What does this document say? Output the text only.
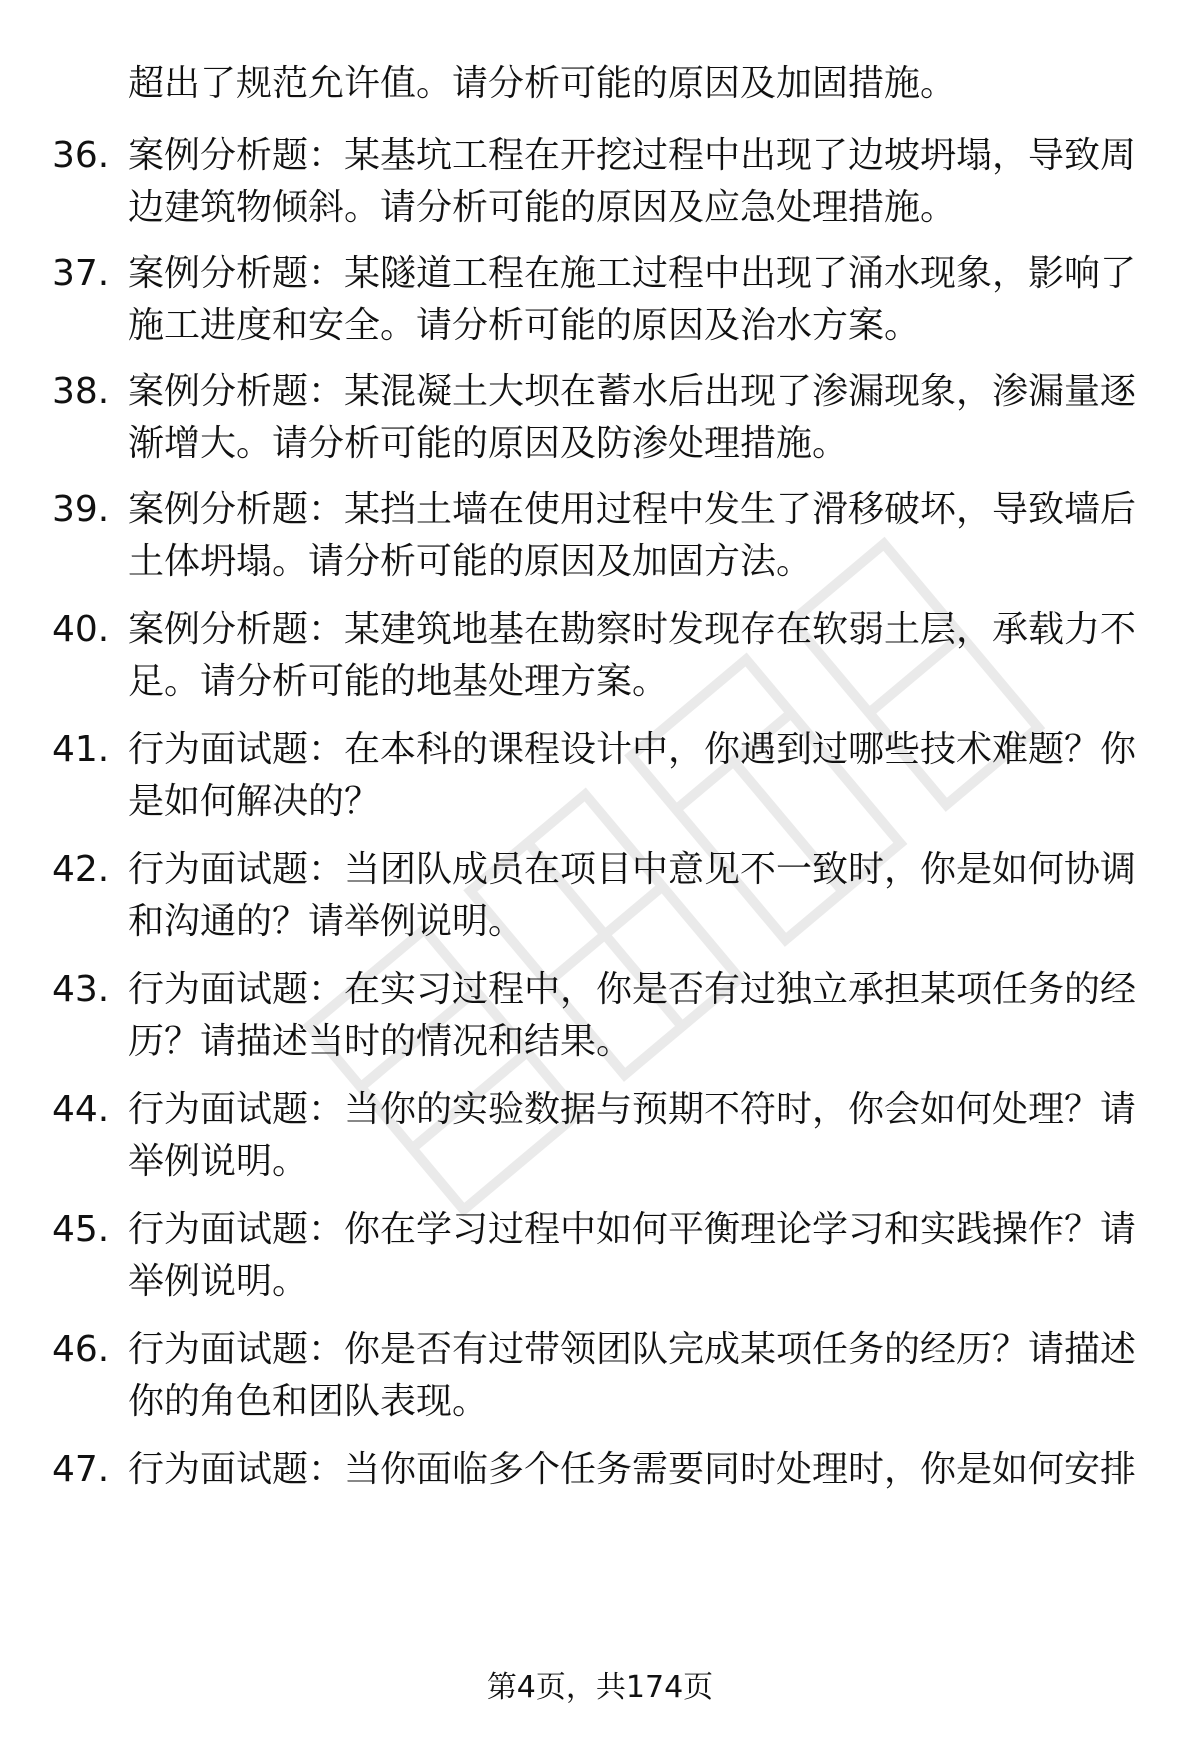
超出了规范允许值。请分析可能的原因及加固措施。
36. 案例分析题：某基坑工程在开挖过程中出现了边坡坍塌，导致周边建筑物倾斜。请分析可能的原因及应急处理措施。
37. 案例分析题：某隧道工程在施工过程中出现了涌水现象，影响了施工进度和安全。请分析可能的原因及治水方案。
38. 案例分析题：某混凝土大坝在蓄水后出现了渗漏现象，渗漏量逐渐增大。请分析可能的原因及防渗处理措施。
39. 案例分析题：某挡土墙在使用过程中发生了滑移破坏，导致墙后土体坍塌。请分析可能的原因及加固方法。
40. 案例分析题：某建筑地基在勘察时发现存在软弱土层，承载力不足。请分析可能的地基处理方案。
41. 行为面试题：在本科的课程设计中，你遇到过哪些技术难题？你是如何解决的？
42. 行为面试题：当团队成员在项目中意见不一致时，你是如何协调和沟通的？请举例说明。
43. 行为面试题：在实习过程中，你是否有过独立承担某项任务的经历？请描述当时的情况和结果。
44. 行为面试题：当你的实验数据与预期不符时，你会如何处理？请举例说明。
45. 行为面试题：你在学习过程中如何平衡理论学习和实践操作？请举例说明。
46. 行为面试题：你是否有过带领团队完成某项任务的经历？请描述你的角色和团队表现。
47. 行为面试题：当你面临多个任务需要同时处理时，你是如何安排
第4页，共174页
